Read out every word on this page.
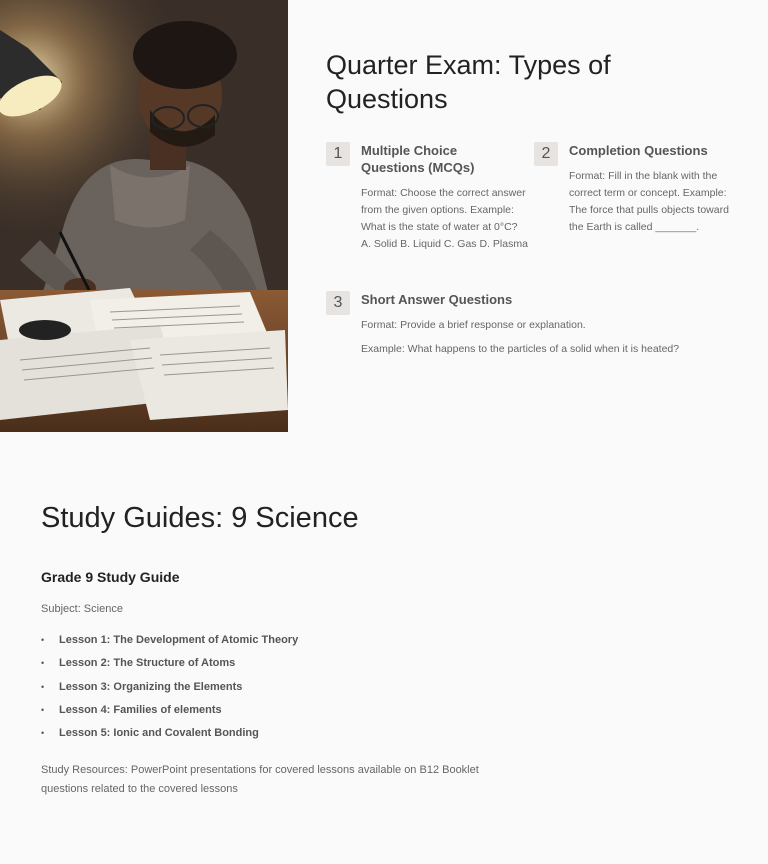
Quarter Exam: Types of Questions
1	Multiple Choice Questions (MCQs)
Format: Choose the correct answer from the given options. Example: What is the state of water at 0°C? A. Solid B. Liquid C. Gas D. Plasma
2	Completion Questions
Format: Fill in the blank with the correct term or concept. Example: The force that pulls objects toward the Earth is called _______.
3	Short Answer Questions
Format: Provide a brief response or explanation.
Example: What happens to the particles of a solid when it is heated?
Study Guides: 9 Science
Grade 9 Study Guide

Subject: Science

• Lesson 1: The Development of Atomic Theory
• Lesson 2: The Structure of Atoms
• Lesson 3: Organizing the Elements
• Lesson 4: Families of elements
• Lesson 5: Ionic and Covalent Bonding

Study Resources: PowerPoint presentations for covered lessons available on B12 Booklet questions related to the covered lessons
